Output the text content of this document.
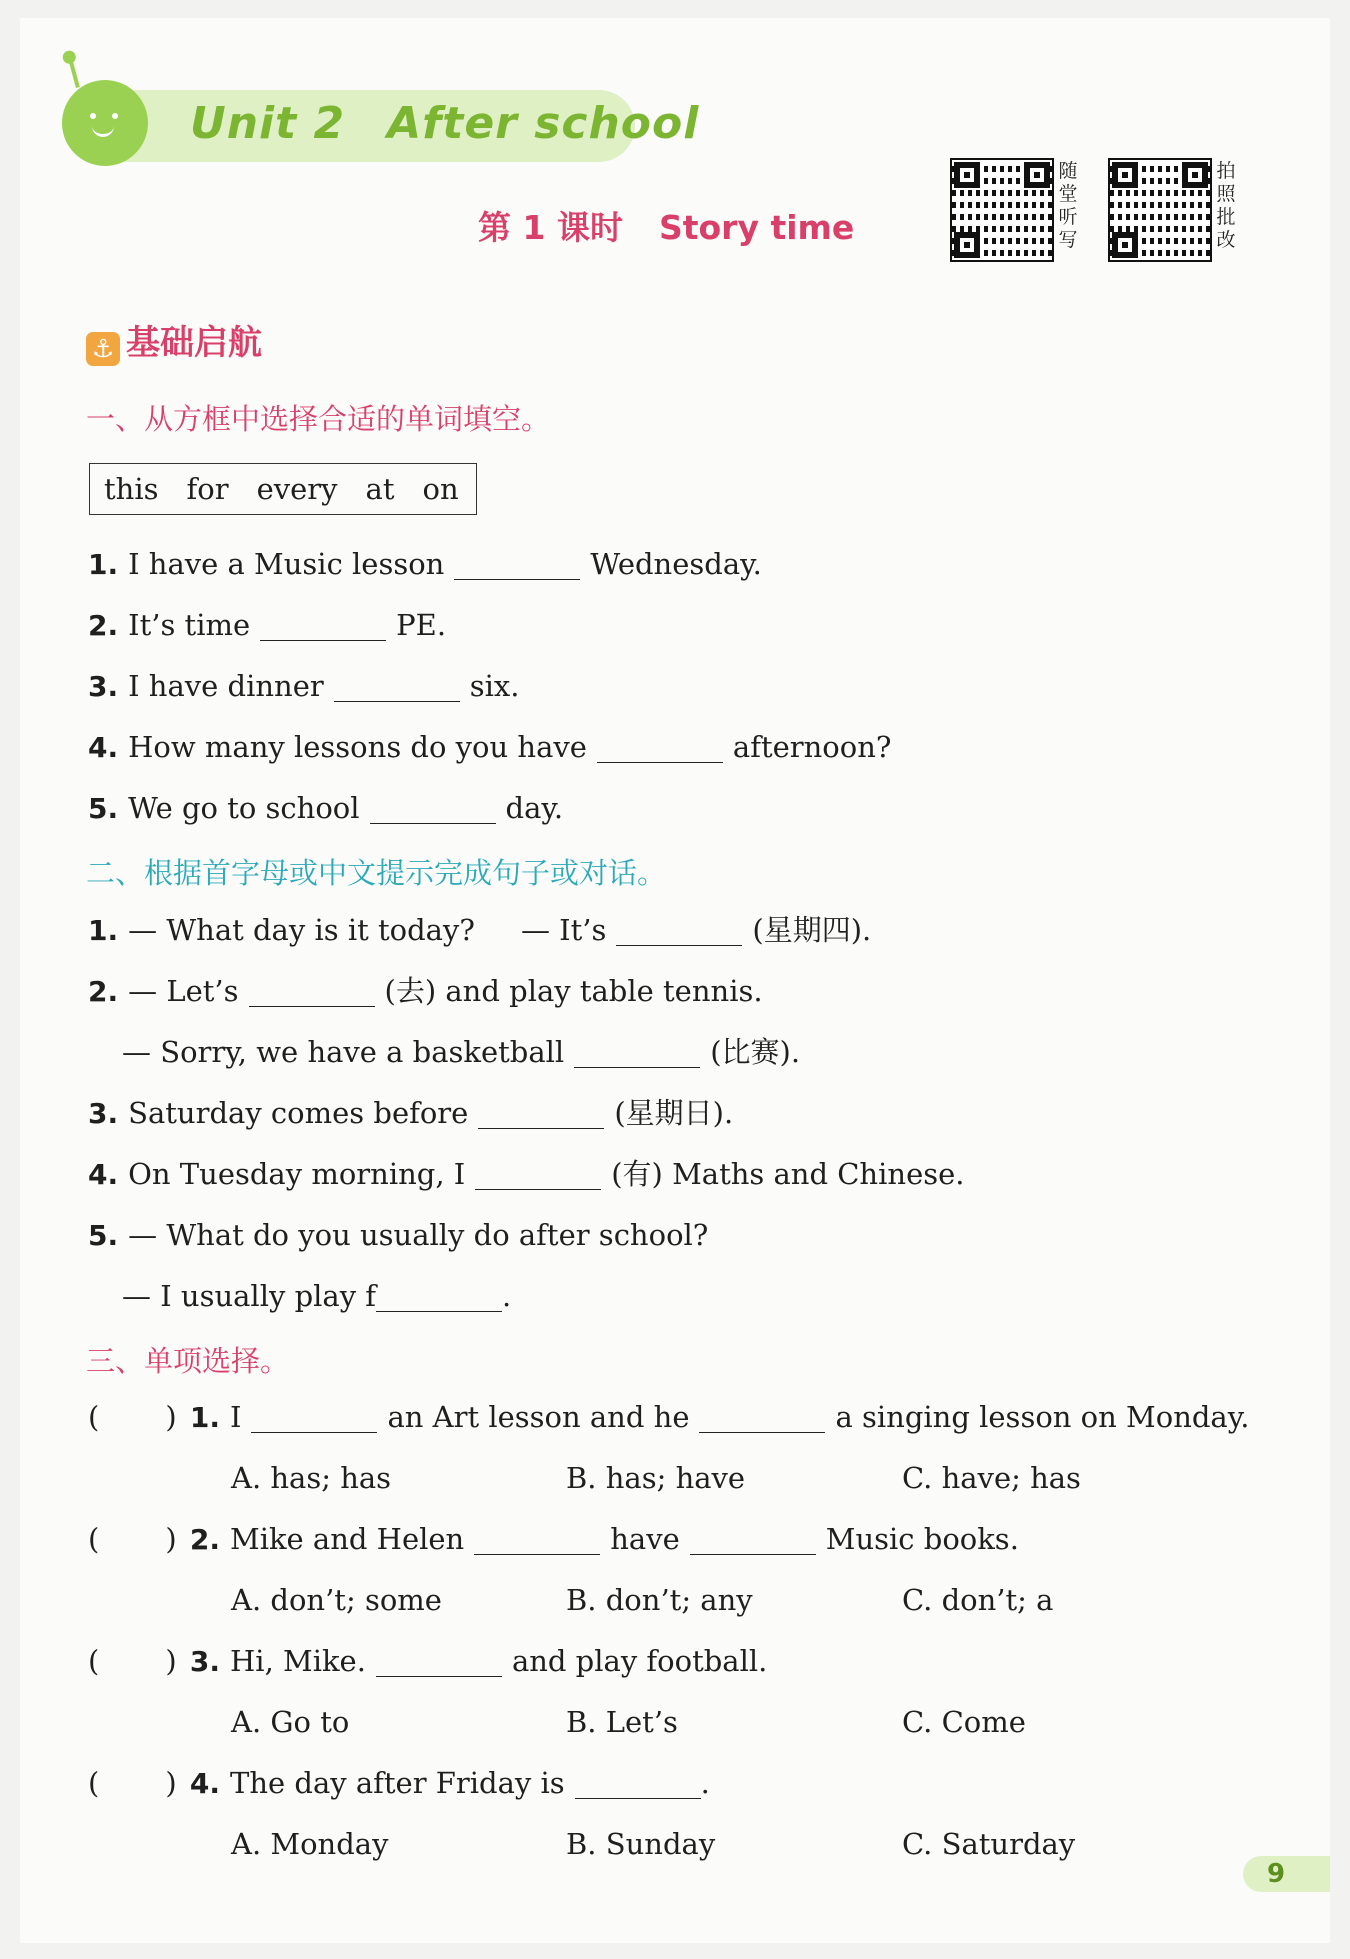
Unit 2 After school
第 1 课时 Story time
随
堂
听
写
拍
照
批
改
⚓ 基础启航
一、从方框中选择合适的单词填空。
this for every at on
1. I have a Music lesson	Wednesday.
2. It’s time	PE.
3. I have dinner	six.
4. How many lessons do you have	afternoon?
5. We go to school	day.
二、根据首字母或中文提示完成句子或对话。
1. — What day is it today?     — It’s	(星期四).
2. — Let’s	(去) and play table tennis.
— Sorry, we have a basketball	(比赛).
3. Saturday comes before	(星期日).
4. On Tuesday morning, I	(有) Maths and Chinese.
5. — What do you usually do after school?
— I usually play f	.
三、单项选择。
( ) 1. I	an Art lesson and he	a singing lesson on Monday.
A. has; has	B. has; have	C. have; has
( ) 2. Mike and Helen	have	Music books.
A. don’t; some	B. don’t; any	C. don’t; a
( ) 3. Hi, Mike.	and play football.
A. Go to	B. Let’s	C. Come
( ) 4. The day after Friday is	.
A. Monday	B. Sunday	C. Saturday
9
